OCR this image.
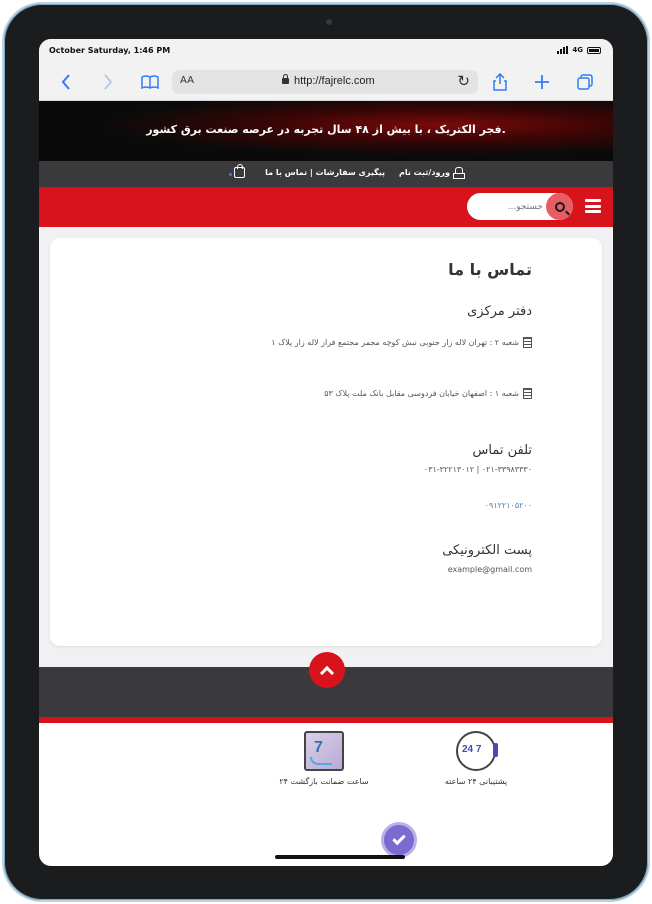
October Saturday, 1:46 PM	4G
AA	http://fajrelc.com	↻
.فجر الکتریک ، با بیش از ۴۸ سال تجربه در عرصه صنعت برق کشور
ورود/ثبت نام
پیگیری سفارشات | تماس با ما
جستجو...
تماس با ما
دفتر مرکزی
شعبه ۲ : تهران لاله زار جنوبی نبش کوچه مجمر مجتمع فراز لاله زار پلاک ۱
شعبه ۱ : اصفهان خیابان فردوسی مقابل بانک ملت پلاک ۵۳
تلفن تماس
۰۲۱-۳۳۹۸۳۳۳۰ | ۰۳۱-۳۲۲۱۳۰۱۲
۰۹۱۲۲۱۰۵۲۰۰
پست الکترونیکی
example@gmail.com
24 7
پشتیبانی ۲۴ ساعته
7
۲۴ ساعت ضمانت بازگشت
